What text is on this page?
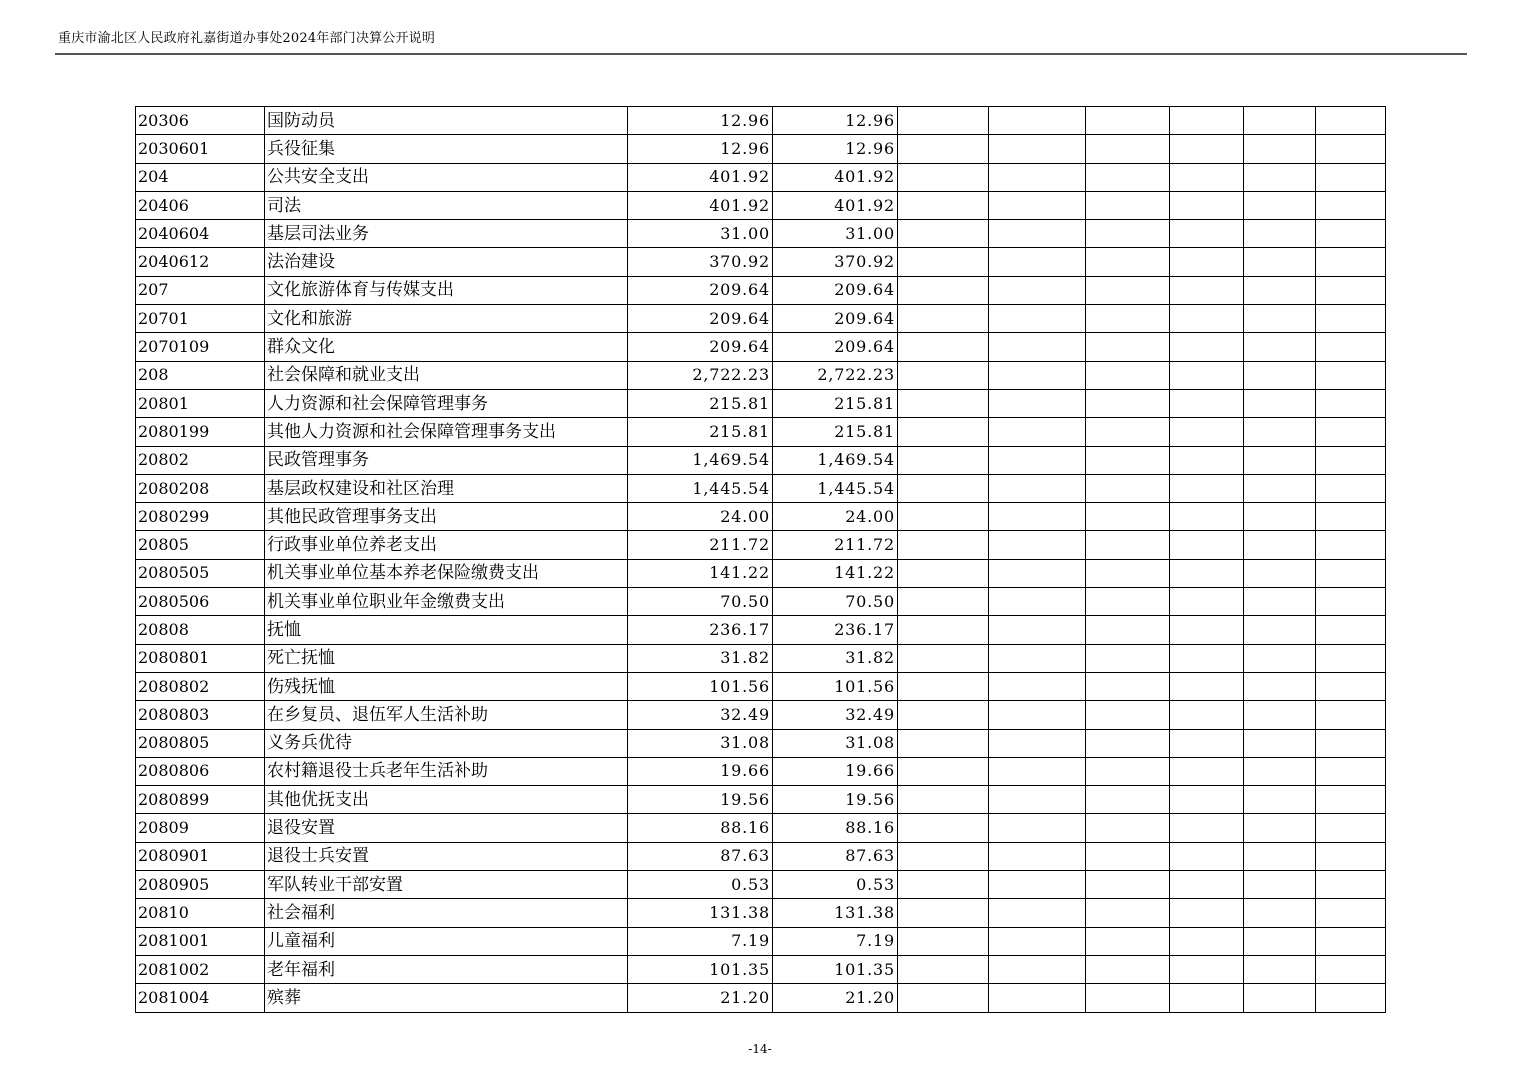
重庆市渝北区人民政府礼嘉街道办事处2024年部门决算公开说明
20306	国防动员	12.96	12.96						
2030601	兵役征集	12.96	12.96						
204	公共安全支出	401.92	401.92						
20406	司法	401.92	401.92						
2040604	基层司法业务	31.00	31.00						
2040612	法治建设	370.92	370.92						
207	文化旅游体育与传媒支出	209.64	209.64						
20701	文化和旅游	209.64	209.64						
2070109	群众文化	209.64	209.64						
208	社会保障和就业支出	2,722.23	2,722.23						
20801	人力资源和社会保障管理事务	215.81	215.81						
2080199	其他人力资源和社会保障管理事务支出	215.81	215.81						
20802	民政管理事务	1,469.54	1,469.54						
2080208	基层政权建设和社区治理	1,445.54	1,445.54						
2080299	其他民政管理事务支出	24.00	24.00						
20805	行政事业单位养老支出	211.72	211.72						
2080505	机关事业单位基本养老保险缴费支出	141.22	141.22						
2080506	机关事业单位职业年金缴费支出	70.50	70.50						
20808	抚恤	236.17	236.17						
2080801	死亡抚恤	31.82	31.82						
2080802	伤残抚恤	101.56	101.56						
2080803	在乡复员、退伍军人生活补助	32.49	32.49						
2080805	义务兵优待	31.08	31.08						
2080806	农村籍退役士兵老年生活补助	19.66	19.66						
2080899	其他优抚支出	19.56	19.56						
20809	退役安置	88.16	88.16						
2080901	退役士兵安置	87.63	87.63						
2080905	军队转业干部安置	0.53	0.53						
20810	社会福利	131.38	131.38						
2081001	儿童福利	7.19	7.19						
2081002	老年福利	101.35	101.35						
2081004	殡葬	21.20	21.20						
-14-
